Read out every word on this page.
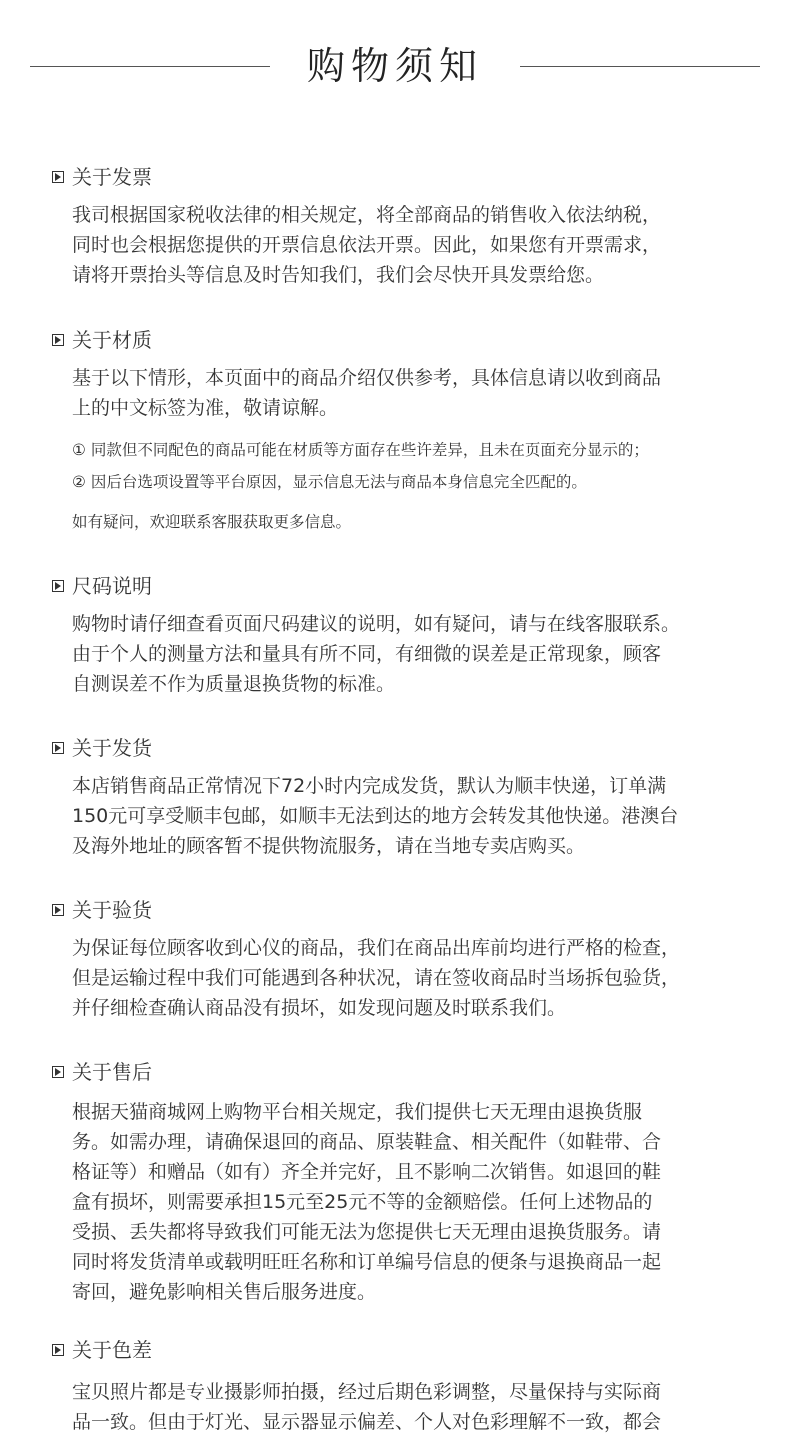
购物须知
关于发票
我司根据国家税收法律的相关规定，将全部商品的销售收入依法纳税，
同时也会根据您提供的开票信息依法开票。因此，如果您有开票需求，
请将开票抬头等信息及时告知我们，我们会尽快开具发票给您。
关于材质
基于以下情形，本页面中的商品介绍仅供参考，具体信息请以收到商品
上的中文标签为准，敬请谅解。
① 同款但不同配色的商品可能在材质等方面存在些许差异，且未在页面充分显示的；
② 因后台选项设置等平台原因，显示信息无法与商品本身信息完全匹配的。
如有疑问，欢迎联系客服获取更多信息。
尺码说明
购物时请仔细查看页面尺码建议的说明，如有疑问，请与在线客服联系。
由于个人的测量方法和量具有所不同，有细微的误差是正常现象，顾客
自测误差不作为质量退换货物的标准。
关于发货
本店销售商品正常情况下72小时内完成发货，默认为顺丰快递，订单满
150元可享受顺丰包邮，如顺丰无法到达的地方会转发其他快递。港澳台
及海外地址的顾客暂不提供物流服务，请在当地专卖店购买。
关于验货
为保证每位顾客收到心仪的商品，我们在商品出库前均进行严格的检查，
但是运输过程中我们可能遇到各种状况，请在签收商品时当场拆包验货，
并仔细检查确认商品没有损坏，如发现问题及时联系我们。
关于售后
根据天猫商城网上购物平台相关规定，我们提供七天无理由退换货服
务。如需办理，请确保退回的商品、原装鞋盒、相关配件（如鞋带、合
格证等）和赠品（如有）齐全并完好，且不影响二次销售。如退回的鞋
盒有损坏，则需要承担15元至25元不等的金额赔偿。任何上述物品的
受损、丢失都将导致我们可能无法为您提供七天无理由退换货服务。请
同时将发货清单或载明旺旺名称和订单编号信息的便条与退换商品一起
寄回，避免影响相关售后服务进度。
关于色差
宝贝照片都是专业摄影师拍摄，经过后期色彩调整，尽量保持与实际商
品一致。但由于灯光、显示器显示偏差、个人对色彩理解不一致，都会
